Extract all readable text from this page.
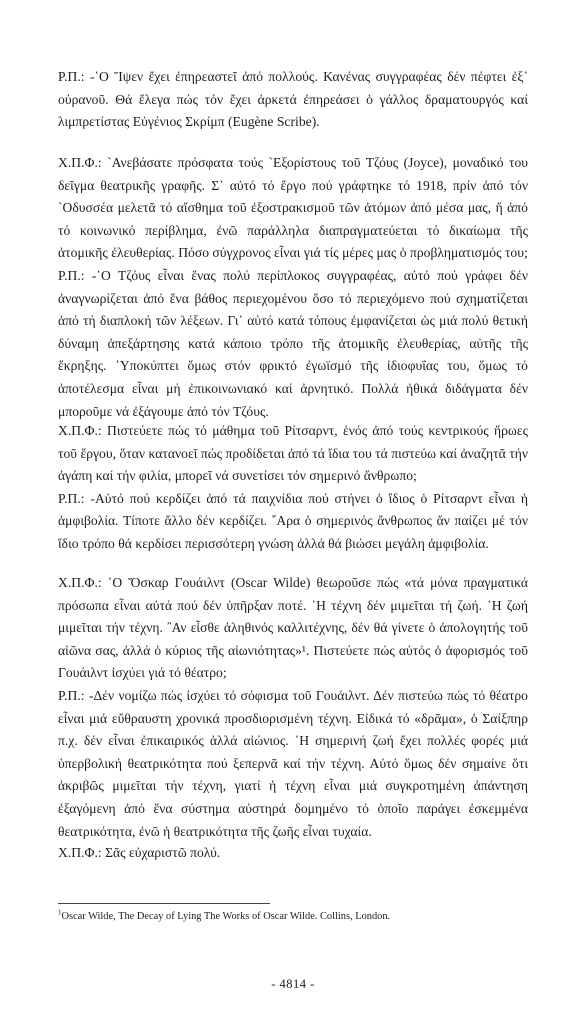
Ρ.Π.: -῾Ο Ἴψεν ἔχει ἐπηρεαστεῖ ἀπό πολλούς. Κανένας συγγραφέας δέν πέφτει ἐξ᾿ οὐρανοῦ. Θά ἔλεγα πώς τόν ἔχει ἀρκετά ἐπηρεάσει ὁ γάλλος δραματουργός καί λιμπρετίστας Εὐγένιος Σκρίμπ (Eugène Scribe).

Χ.Π.Φ.: `Ανεβάσατε πρόσφατα τούς `Εξορίστους τοῦ Τζόυς (Joyce), μοναδικό του δεῖγμα θεατρικῆς γραφῆς. Σ᾿ αὐτό τό ἔργο πού γράφτηκε τό 1918, πρίν ἀπό τόν `Οδυσσέα μελετᾶ τό αἴσθημα τοῦ ἐξοστρακισμοῦ τῶν ἀτόμων ἀπό μέσα μας, ἤ ἀπό τό κοινωνικό περίβλημα, ἐνῶ παράλληλα διαπραγματεύεται τό δικαίωμα τῆς ἀτομικῆς ἐλευθερίας. Πόσο σύγχρονος εἶναι γιά τίς μέρες μας ὁ προβληματισμός του;

Ρ.Π.: -῾Ο Τζόυς εἶναι ἕνας πολύ περίπλοκος συγγραφέας, αὐτό πού γράφει δέν ἀναγνωρίζεται ἀπό ἕνα βάθος περιεχομένου ὅσο τό περιεχόμενο πού σχηματίζεται ἀπό τή διαπλοκή τῶν λέξεων. Γι᾿ αὐτό κατά τόπους ἐμφανίζεται ὡς μιά πολύ θετική δύναμη ἀπεξάρτησης κατά κάποιο τρόπο τῆς ἀτομικῆς ἐλευθερίας, αὐτῆς τῆς ἔκρηξης. ῾Υποκύπτει ὅμως στόν φρικτό ἐγωϊσμό τῆς ἰδιοφυΐας του, ὅμως τό ἀποτέλεσμα εἶναι μή ἐπικοινωνιακό καί ἀρνητικό. Πολλά ἠθικά διδάγματα δέν μποροῦμε νά ἐξάγουμε ἀπό τόν Τζόυς.

Χ.Π.Φ.: Πιστεύετε πώς τό μάθημα τοῦ Ρίτσαρντ, ἑνός ἀπό τούς κεντρικούς ἥρωες τοῦ ἔργου, ὅταν κατανοεῖ πώς προδίδεται ἀπό τά ἴδια του τά πιστεύω καί ἀναζητᾶ τήν ἀγάπη καί τήν φιλία, μπορεῖ νά συνετίσει τόν σημερινό ἄνθρωπο;

Ρ.Π.: -Αὐτό πού κερδίζει ἀπό τά παιχνίδια πού στήνει ὁ ἴδιος ὁ Ρίτσαρντ εἶναι ἡ ἀμφιβολία. Τίποτε ἄλλο δέν κερδίζει. ῎Αρα ὁ σημερινός ἄνθρωπος ἄν παίζει μέ τόν ἴδιο τρόπο θά κερδίσει περισσότερη γνώση ἀλλά θά βιώσει μεγάλη ἀμφιβολία.

Χ.Π.Φ.: ῾Ο Ὄσκαρ Γουάιλντ (Oscar Wilde) θεωροῦσε πώς «τά μόνα πραγματικά πρόσωπα εἶναι αὐτά πού δέν ὑπῆρξαν ποτέ. ῾Η τέχνη δέν μιμεῖται τή ζωή. ῾Η ζωή μιμεῖται τήν τέχνη. ῍Αν εἶσθε ἀληθινός καλλιτέχνης, δέν θά γίνετε ὁ ἀπολογητής τοῦ αἰῶνα σας, ἀλλά ὁ κύριος τῆς αἰωνιότητας»¹. Πιστεύετε πώς αὐτός ὁ ἀφορισμός τοῦ Γουάιλντ ἰσχύει γιά τό θέατρο;

Ρ.Π.: -Δέν νομίζω πώς ἰσχύει τό σόφισμα τοῦ Γουάιλντ. Δέν πιστεύω πώς τό θέατρο εἶναι μιά εὔθραυστη χρονικά προσδιορισμένη τέχνη. Εἰδικά τό «δρᾶμα», ὁ Σαίξπηρ π.χ. δέν εἶναι ἐπικαιρικός ἀλλά αἰώνιος. ῾Η σημερινή ζωή ἔχει πολλές φορές μιά ὑπερβολική θεατρικότητα πού ξεπερνᾶ καί τήν τέχνη. Αὐτό ὅμως δέν σημαίνε ὅτι ἀκριβῶς μιμεῖται τήν τέχνη, γιατί ἡ τέχνη εἶναι μιά συγκροτημένη ἀπάντηση ἐξαγόμενη ἀπό ἕνα σύστημα αὐστηρά δομημένο τό ὁποῖο παράγει ἐσκεμμένα θεατρικότητα, ἐνῶ ἡ θεατρικότητα τῆς ζωῆς εἶναι τυχαία.

Χ.Π.Φ.: Σᾶς εὐχαριστῶ πολύ.

$^1$Oscar Wilde, The Decay of Lying The Works of Oscar Wilde. Collins, London.
- 4814 -
